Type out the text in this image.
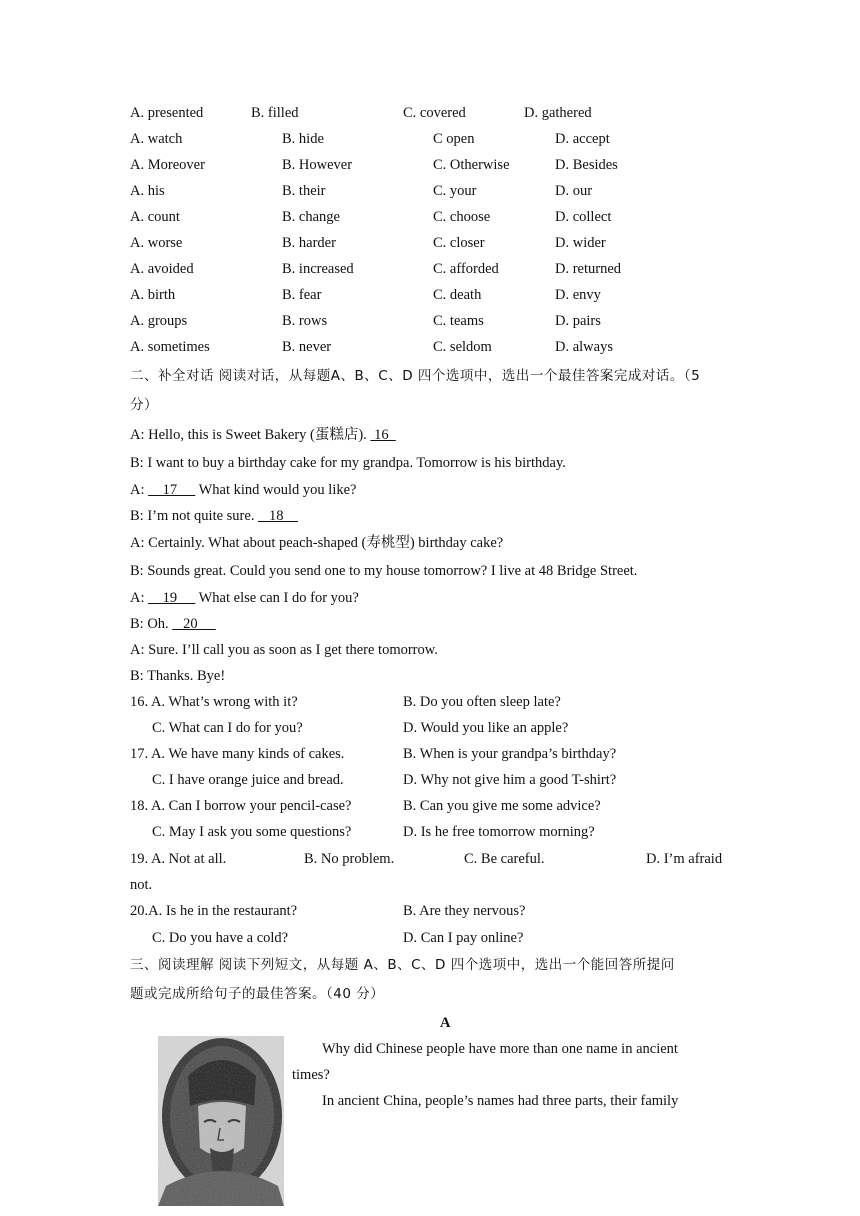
A. presented	B. filled	C. covered	D. gathered
A. watch	B. hide	C open	D. accept
A. Moreover	B. However	C. Otherwise	D. Besides
A. his	B. their	C. your	D. our
A. count	B. change	C. choose	D. collect
A. worse	B. harder	C. closer	D. wider
A. avoided	B. increased	C. afforded	D. returned
A. birth	B. fear	C. death	D. envy
A. groups	B. rows	C. teams	D. pairs
A. sometimes	B. never	C. seldom	D. always
二、补全对话 阅读对话，从每题A、B、C、D 四个选项中，选出一个最佳答案完成对话。（5
分）
A: Hello, this is Sweet Bakery (蛋糕店).  16
B: I want to buy a birthday cake for my grandpa. Tomorrow is his birthday.
A:     17      What kind would you like?
B: I’m not quite sure.    18
A: Certainly. What about peach-shaped (寿桃型) birthday cake?
B: Sounds great. Could you send one to my house tomorrow? I live at 48 Bridge Street.
A:     19      What else can I do for you?
B: Oh.    20
A: Sure. I’ll call you as soon as I get there tomorrow.
B: Thanks. Bye!
16. A. What’s wrong with it?	B. Do you often sleep late?
C. What can I do for you?	D. Would you like an apple?
17. A. We have many kinds of cakes.	B. When is your grandpa’s birthday?
C. I have orange juice and bread.	D. Why not give him a good T-shirt?
18. A. Can I borrow your pencil-case?	B. Can you give me some advice?
C. May I ask you some questions?	D. Is he free tomorrow morning?
19. A. Not at all.	B. No problem.	C. Be careful.	D. I’m afraid
not.
20.A. Is he in the restaurant?	B. Are they nervous?
C. Do you have a cold?	D. Can I pay online?
三、阅读理解 阅读下列短文，从每题 A、B、C、D 四个选项中，选出一个能回答所提问
题或完成所给句子的最佳答案。（40 分）
A
Why did Chinese people have more than one name in ancient
times?
In ancient China, people’s names had three parts, their family
